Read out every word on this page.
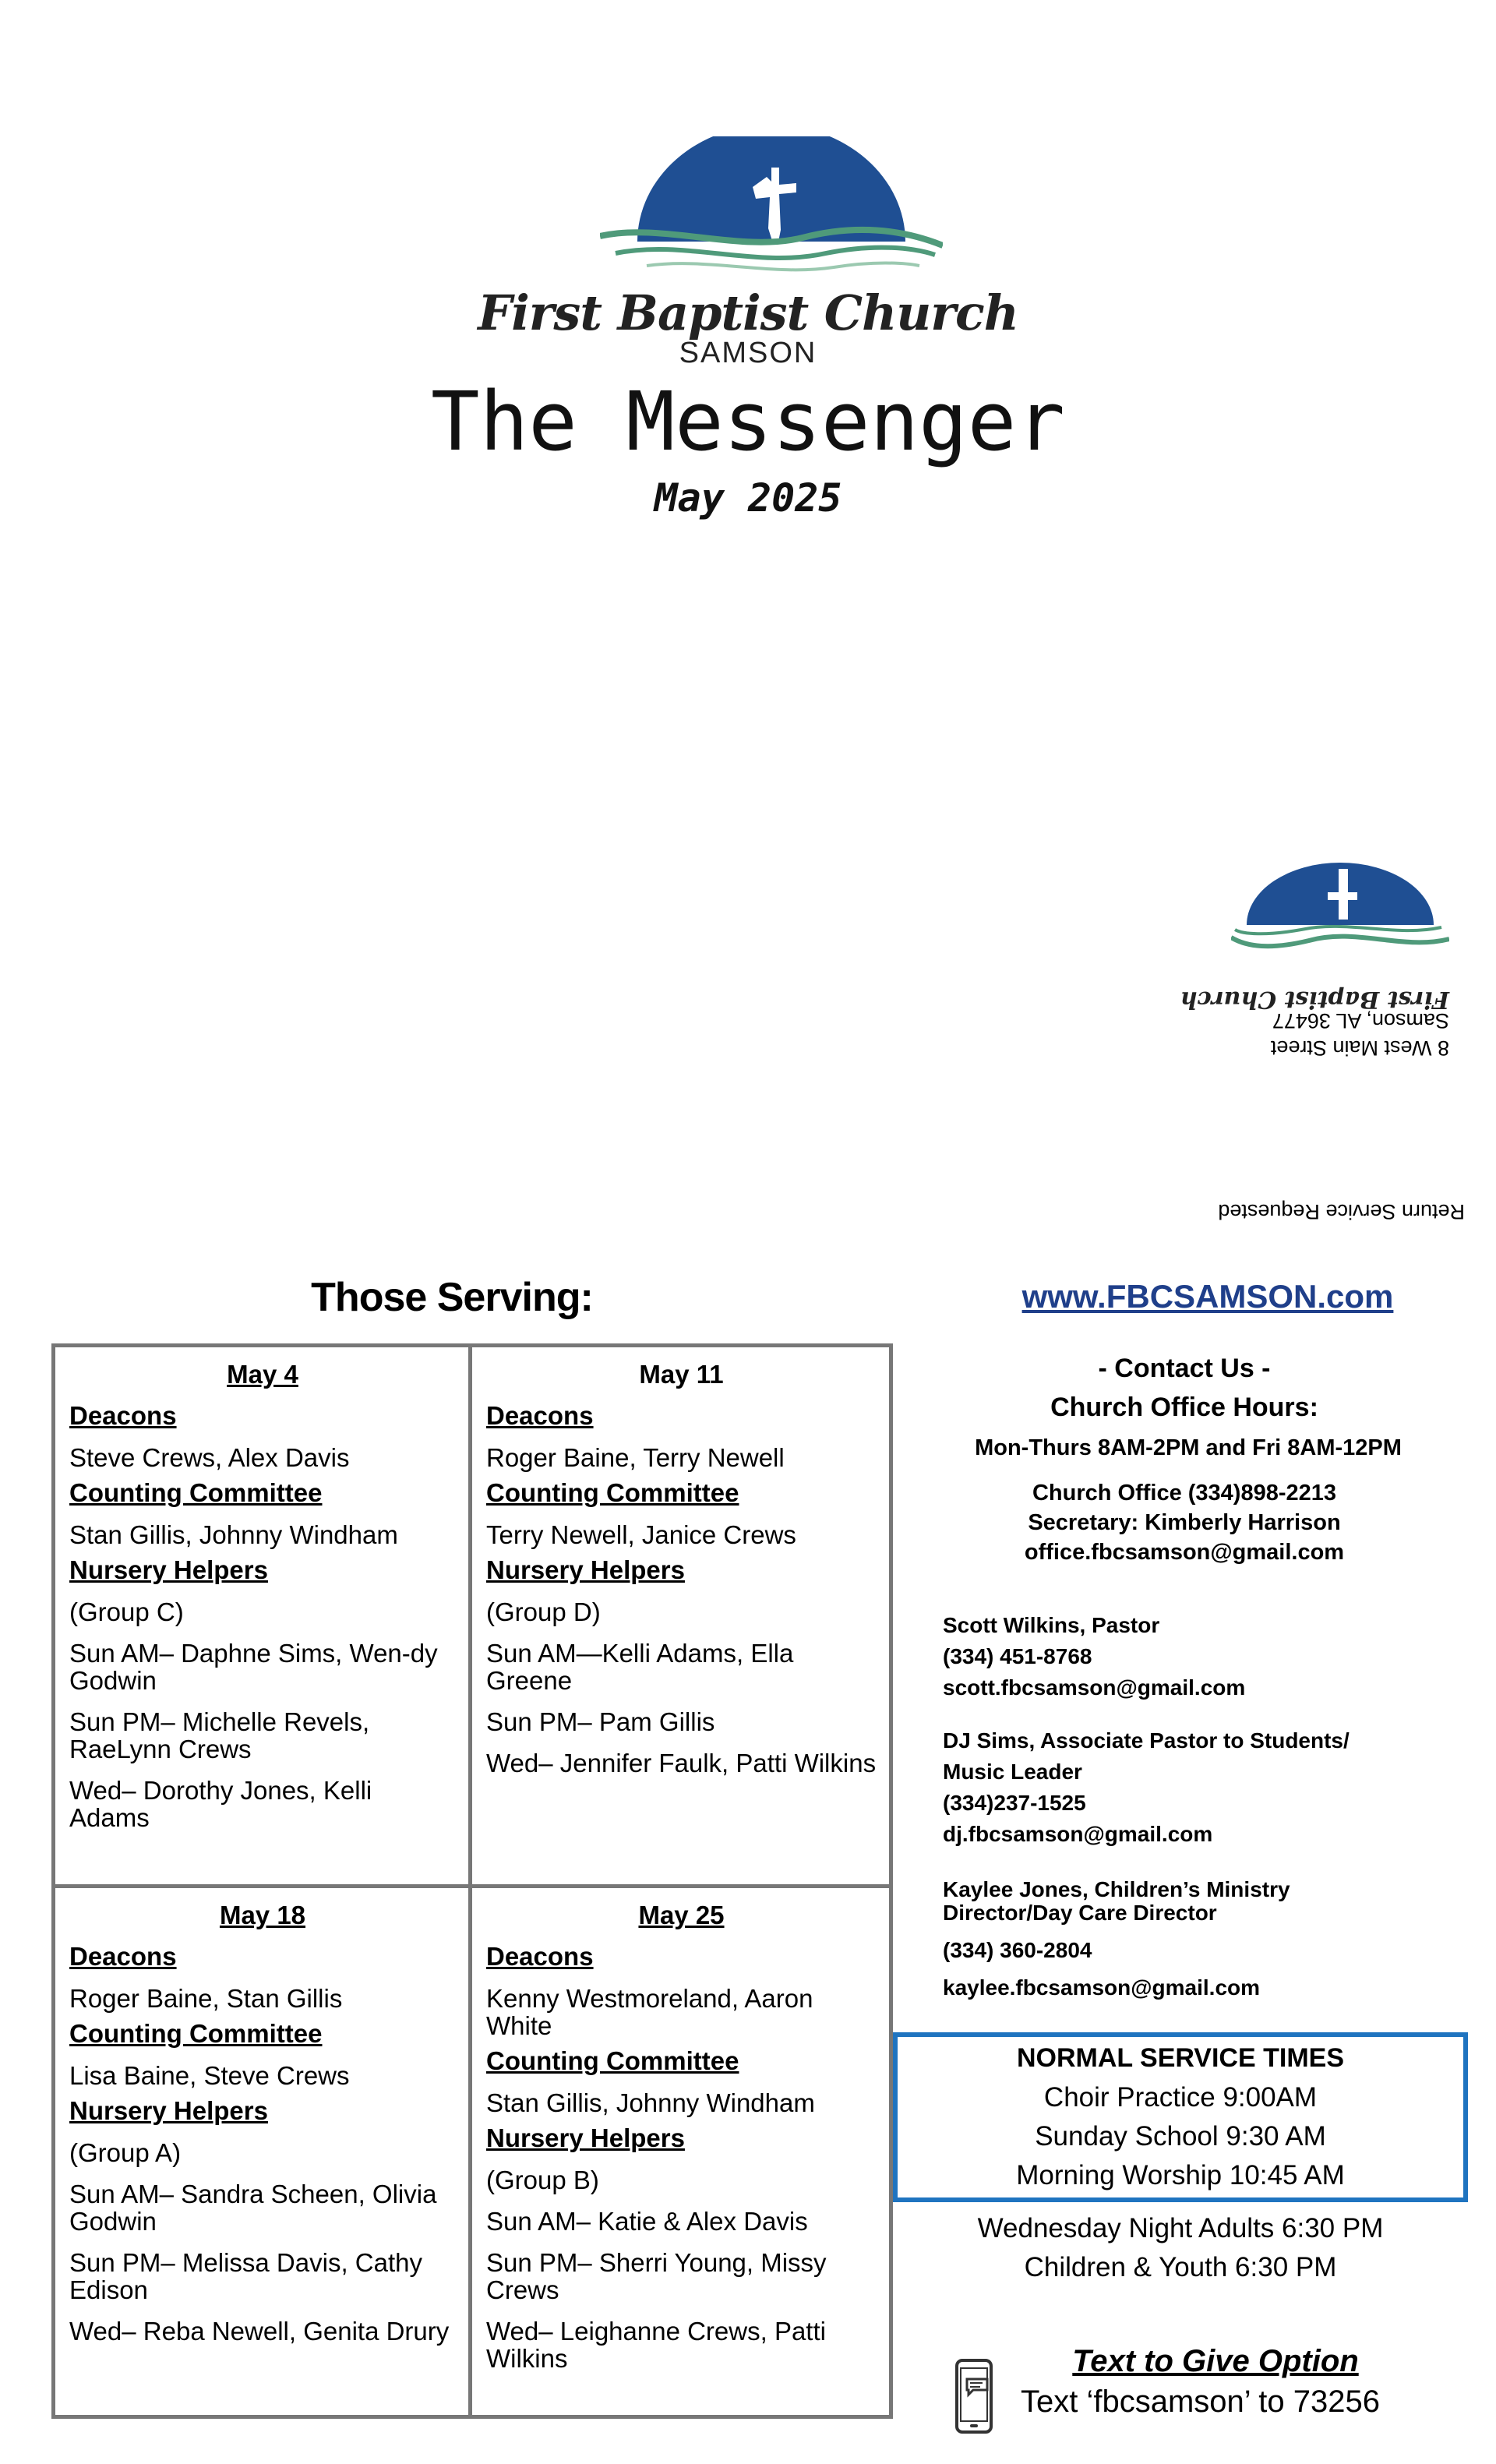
First Baptist Church
SAMSON
The Messenger
May 2025
Return Service Requested
8 West Main Street
Samson, AL 36477
First Baptist Church
Those Serving:
May 4
Deacons
Steve Crews, Alex Davis
Counting Committee
Stan Gillis, Johnny Windham
Nursery Helpers
(Group C)
Sun AM– Daphne Sims, Wen-dy Godwin
Sun PM– Michelle Revels, RaeLynn Crews
Wed– Dorothy Jones, Kelli Adams
May 11
Deacons
Roger Baine, Terry Newell
Counting Committee
Terry Newell, Janice Crews
Nursery Helpers
(Group D)
Sun AM—Kelli Adams, Ella Greene
Sun PM– Pam Gillis
Wed– Jennifer Faulk, Patti Wilkins
May 18
Deacons
Roger Baine, Stan Gillis
Counting Committee
Lisa Baine, Steve Crews
Nursery Helpers
(Group A)
Sun AM– Sandra Scheen, Olivia Godwin
Sun PM– Melissa Davis, Cathy Edison
Wed– Reba Newell, Genita Drury
May 25
Deacons
Kenny Westmoreland, Aaron White
Counting Committee
Stan Gillis, Johnny Windham
Nursery Helpers
(Group B)
Sun AM– Katie & Alex Davis
Sun PM– Sherri Young, Missy Crews
Wed– Leighanne Crews, Patti Wilkins
www.FBCSAMSON.com
- Contact Us -
Church Office Hours:
Mon-Thurs 8AM-2PM and Fri 8AM-12PM
Church Office (334)898-2213
Secretary: Kimberly Harrison
office.fbcsamson@gmail.com
Scott Wilkins, Pastor
(334) 451-8768
scott.fbcsamson@gmail.com
DJ Sims, Associate Pastor to Students/
Music Leader
(334)237-1525
dj.fbcsamson@gmail.com
Kaylee Jones, Children’s Ministry
Director/Day Care Director
(334) 360-2804
kaylee.fbcsamson@gmail.com
NORMAL SERVICE TIMES
Choir Practice 9:00AM
Sunday School 9:30 AM
Morning Worship 10:45 AM
Wednesday Night Adults 6:30 PM
Children & Youth 6:30 PM
Text to Give Option
Text ‘fbcsamson’ to 73256
